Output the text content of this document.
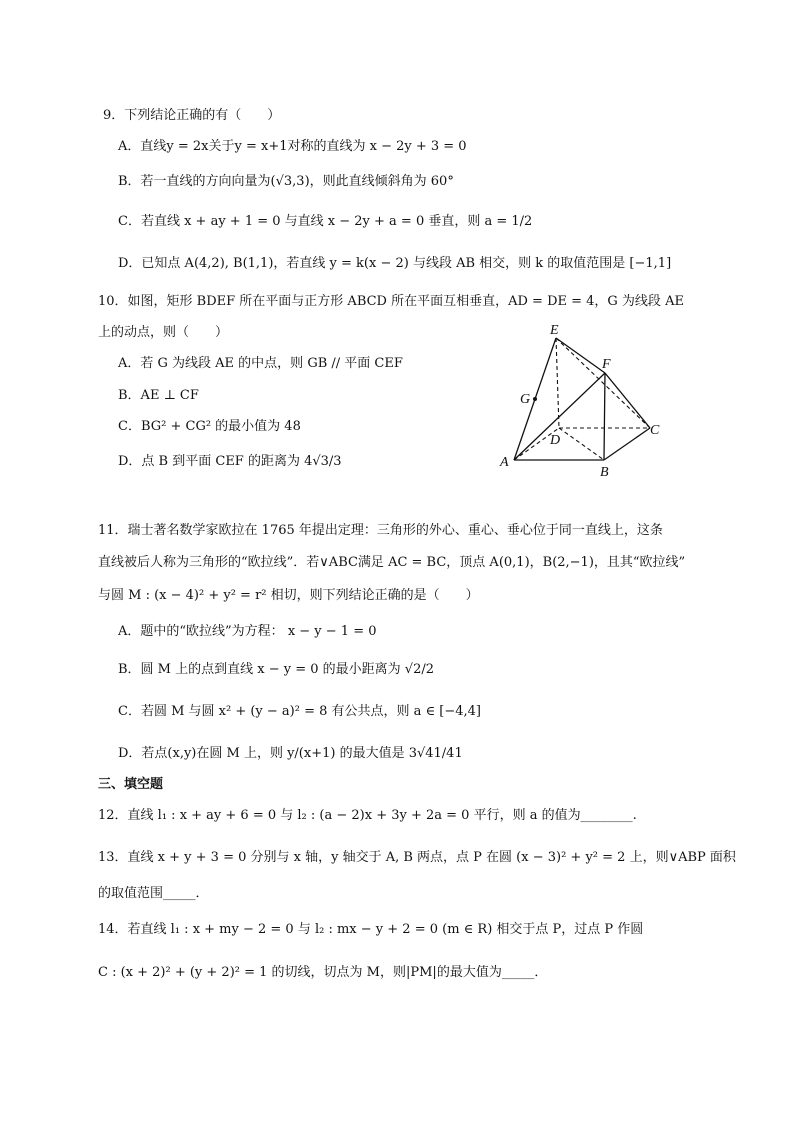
9．下列结论正确的有（　　）
A．直线y = 2x关于y = x+1对称的直线为 x − 2y + 3 = 0
B．若一直线的方向向量为(√3,3)，则此直线倾斜角为 60°
C．若直线 x + ay + 1 = 0 与直线 x − 2y + a = 0 垂直，则 a = 1/2
D．已知点 A(4,2), B(1,1)，若直线 y = k(x − 2) 与线段 AB 相交，则 k 的取值范围是 [−1,1]
10．如图，矩形 BDEF 所在平面与正方形 ABCD 所在平面互相垂直，AD = DE = 4，G 为线段 AE
上的动点，则（　　）
A．若 G 为线段 AE 的中点，则 GB // 平面 CEF
B．AE ⊥ CF
C．BG² + CG² 的最小值为 48
D．点 B 到平面 CEF 的距离为 4√3/3
E
F
G
D
C
A
B
11．瑞士著名数学家欧拉在 1765 年提出定理：三角形的外心、重心、垂心位于同一直线上，这条
直线被后人称为三角形的“欧拉线”．若∨ABC满足 AC = BC，顶点 A(0,1)，B(2,−1)，且其“欧拉线”
与圆 M : (x − 4)² + y² = r² 相切，则下列结论正确的是（　　）
A．题中的“欧拉线”为方程： x − y − 1 = 0
B．圆 M 上的点到直线 x − y = 0 的最小距离为 √2/2
C．若圆 M 与圆 x² + (y − a)² = 8 有公共点，则 a ∈ [−4,4]
D．若点(x,y)在圆 M 上，则 y/(x+1) 的最大值是 3√41/41
三、填空题
12．直线 l₁ : x + ay + 6 = 0 与 l₂ : (a − 2)x + 3y + 2a = 0 平行，则 a 的值为________.
13．直线 x + y + 3 = 0 分别与 x 轴，y 轴交于 A, B 两点，点 P 在圆 (x − 3)² + y² = 2 上，则∨ABP 面积
的取值范围_____．
14．若直线 l₁ : x + my − 2 = 0 与 l₂ : mx − y + 2 = 0 (m ∈ R) 相交于点 P，过点 P 作圆
C : (x + 2)² + (y + 2)² = 1 的切线，切点为 M，则|PM|的最大值为_____．
